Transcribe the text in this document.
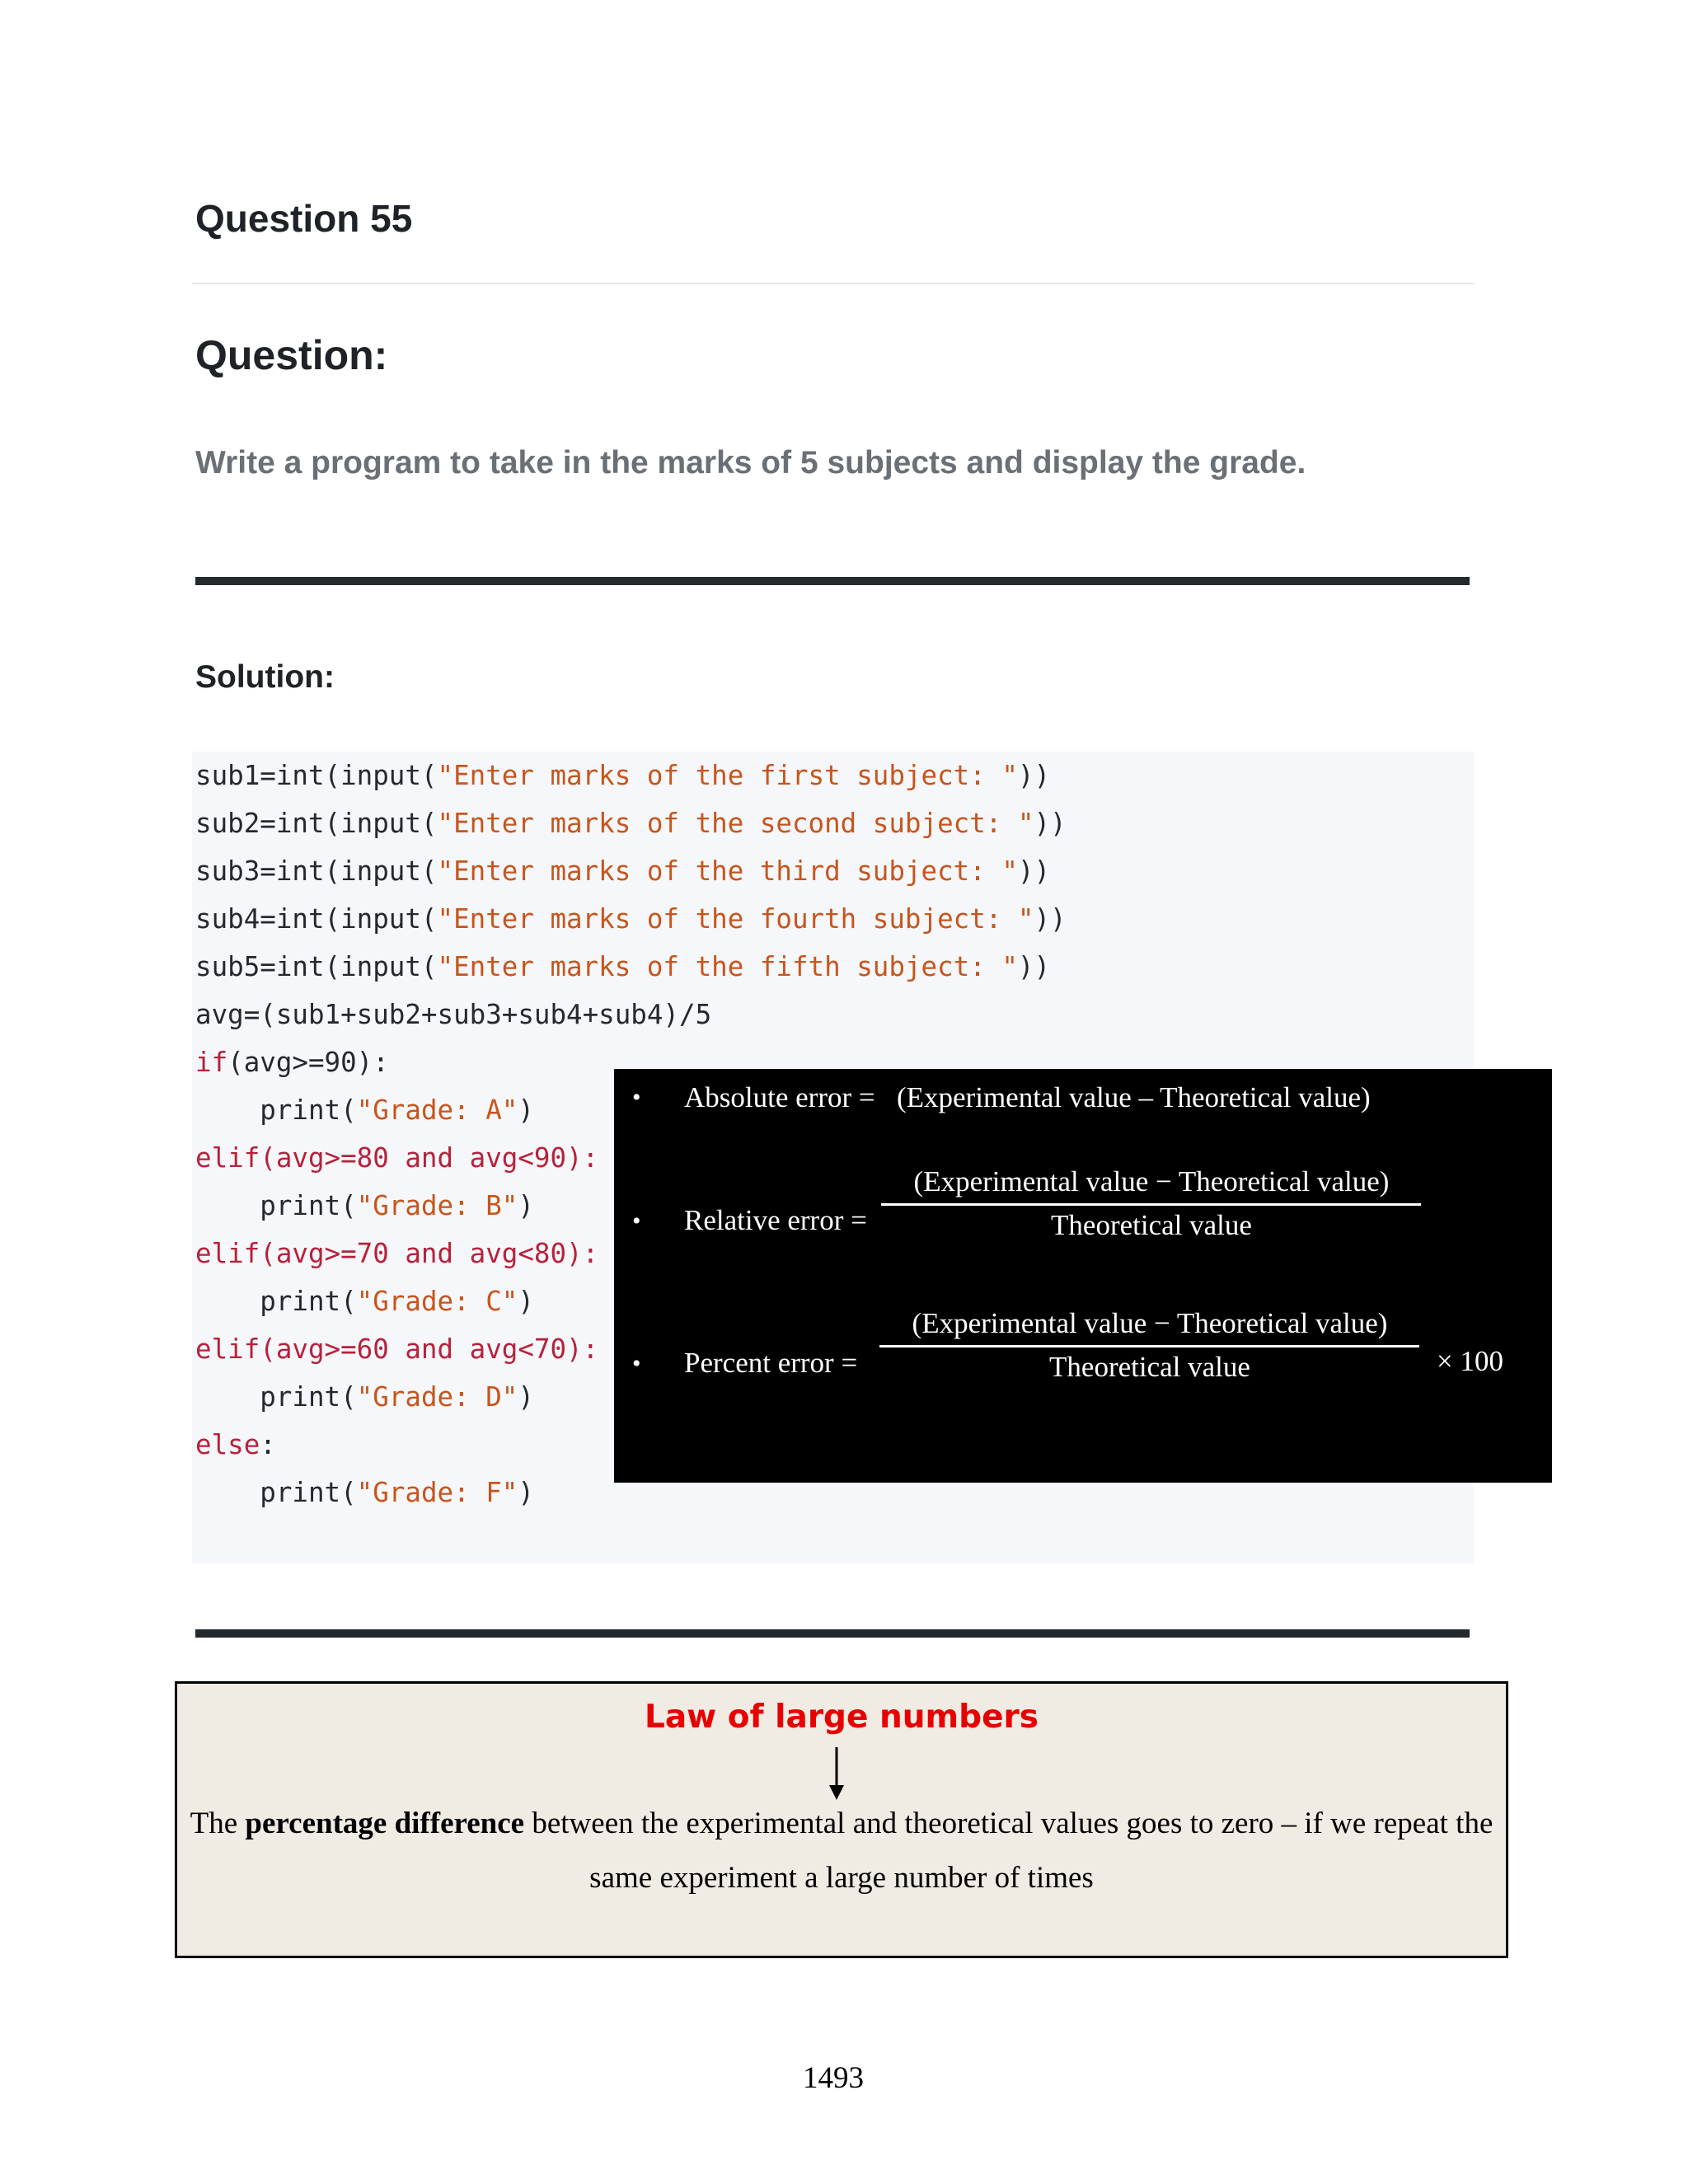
Question 55
Question:

Write a program to take in the marks of 5 subjects and display the grade.

Solution:
sub1=int(input("Enter marks of the first subject: "))
sub2=int(input("Enter marks of the second subject: "))
sub3=int(input("Enter marks of the third subject: "))
sub4=int(input("Enter marks of the fourth subject: "))
sub5=int(input("Enter marks of the fifth subject: "))
avg=(sub1+sub2+sub3+sub4+sub4)/5
if(avg>=90):
print("Grade: A")
elif(avg>=80 and avg<90):
print("Grade: B")
elif(avg>=70 and avg<80):
print("Grade: C")
elif(avg>=60 and avg<70):
print("Grade: D")
else:
print("Grade: F")
• Absolute error = (Experimental value – Theoretical value)
• Relative error =
(Experimental value − Theoretical value)
Theoretical value
• Percent error =
(Experimental value − Theoretical value)
Theoretical value	× 100
Law of large numbers
The percentage difference between the experimental and theoretical values goes to zero – if we repeat the
same experiment a large number of times
1493
